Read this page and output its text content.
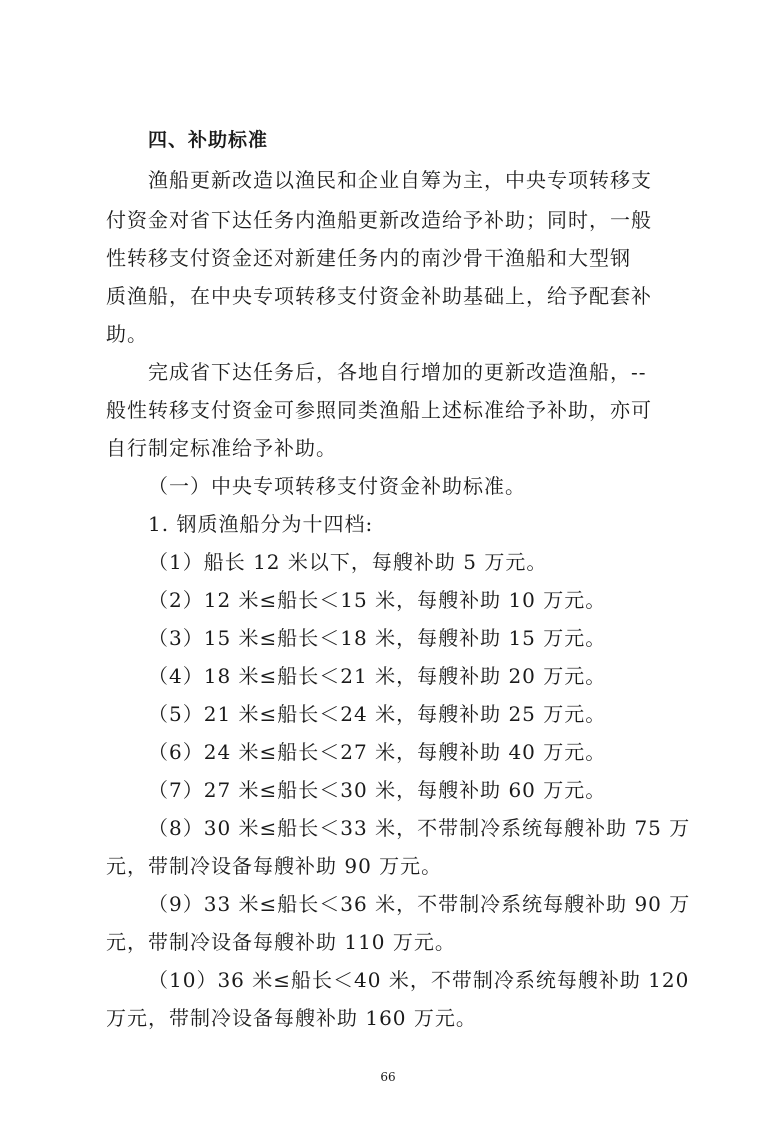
四、补助标准
渔船更新改造以渔民和企业自筹为主，中央专项转移支
付资金对省下达任务内渔船更新改造给予补助；同时，一般
性转移支付资金还对新建任务内的南沙骨干渔船和大型钢
质渔船，在中央专项转移支付资金补助基础上，给予配套补
助。
完成省下达任务后，各地自行增加的更新改造渔船，--
般性转移支付资金可参照同类渔船上述标准给予补助，亦可
自行制定标准给予补助。
（一）中央专项转移支付资金补助标准。
1. 钢质渔船分为十四档:
（1）船长 12 米以下，每艘补助 5 万元。
（2）12 米≤船长＜15 米，每艘补助 10 万元。
（3）15 米≤船长＜18 米，每艘补助 15 万元。
（4）18 米≤船长＜21 米，每艘补助 20 万元。
（5）21 米≤船长＜24 米，每艘补助 25 万元。
（6）24 米≤船长＜27 米，每艘补助 40 万元。
（7）27 米≤船长＜30 米，每艘补助 60 万元。
（8）30 米≤船长＜33 米，不带制冷系统每艘补助 75 万
元，带制冷设备每艘补助 90 万元。
（9）33 米≤船长＜36 米，不带制冷系统每艘补助 90 万
元，带制冷设备每艘补助 110 万元。
（10）36 米≤船长＜40 米，不带制冷系统每艘补助 120
万元，带制冷设备每艘补助 160 万元。
66
